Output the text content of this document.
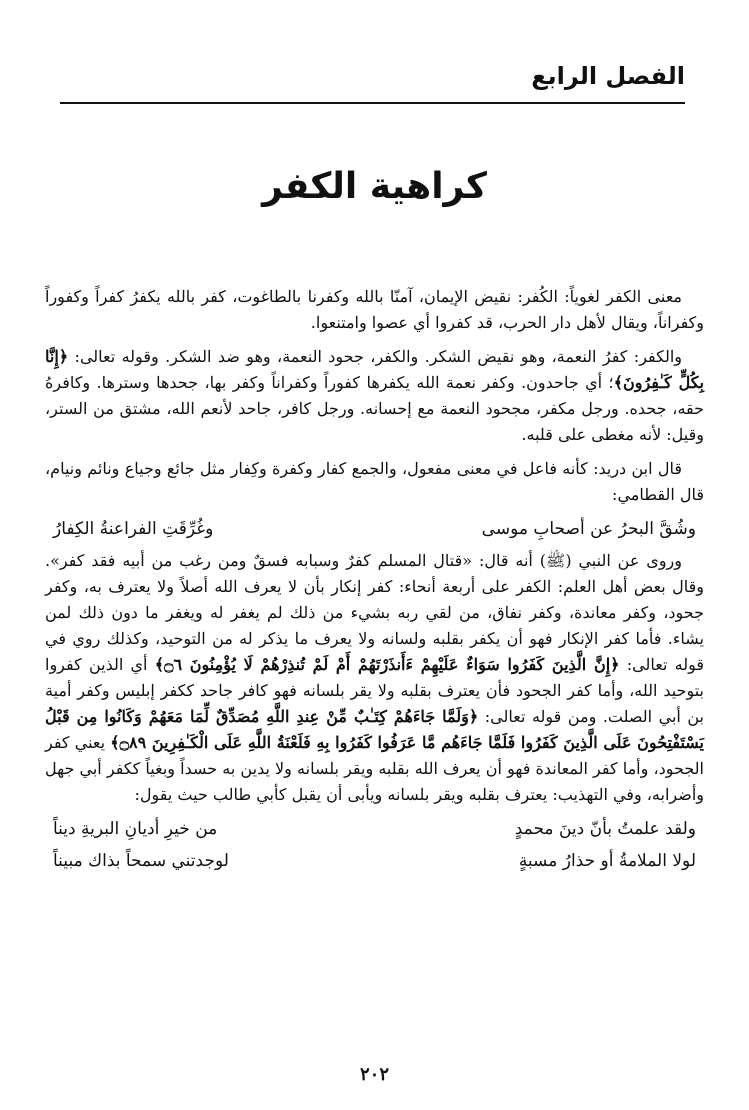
الفصل الرابع
كراهية الكفر

معنى الكفر لغوياً: الكُفر: نقيض الإيمان، آمنّا بالله وكفرنا بالطاغوت، كفر بالله يكفرُ كفراً وكفوراً وكفراناً، ويقال لأهل دار الحرب، قد كفروا أي عصوا وامتنعوا.

والكفر: كفرُ النعمة، وهو نقيض الشكر. والكفر، جحود النعمة، وهو ضد الشكر. وقوله تعالى: ﴿إِنَّا بِكُلٍّ كَـٰفِرُونَ﴾؛ أي جاحدون. وكفر نعمة الله يكفرها كفوراً وكفراناً وكفر بها، جحدها وسترها. وكافرهُ حقه، جحده. ورجل مكفر، مجحود النعمة مع إحسانه. ورجل كافر، جاحد لأنعم الله، مشتق من الستر، وقيل: لأنه مغطى على قلبه.

قال ابن دريد: كأنه فاعل في معنى مفعول، والجمع كفار وكفرة وكِفار مثل جائع وجياع ونائم ونيام، قال القطامي:

وشُقَّ البحرُ عن أصحابِ موسى
وغُرِّقَتِ الفراعنةُ الكِفارُ

وروى عن النبي (ﷺ) أنه قال: «قتال المسلم كفرٌ وسبابه فسقٌ ومن رغب من أبيه فقد كفر». وقال بعض أهل العلم: الكفر على أربعة أنحاء: كفر إنكار بأن لا يعرف الله أصلاً ولا يعترف به، وكفر جحود، وكفر معاندة، وكفر نفاق، من لقي ربه بشيء من ذلك لم يغفر له ويغفر ما دون ذلك لمن يشاء. فأما كفر الإنكار فهو أن يكفر بقلبه ولسانه ولا يعرف ما يذكر له من التوحيد، وكذلك روي في قوله تعالى: ﴿إِنَّ الَّذِينَ كَفَرُوا سَوَاءٌ عَلَيْهِمْ ءَأَنذَرْتَهُمْ أَمْ لَمْ تُنذِرْهُمْ لَا يُؤْمِنُونَ ۝٦﴾ أي الذين كفروا بتوحيد الله، وأما كفر الجحود فأن يعترف بقلبه ولا يقر بلسانه فهو كافر جاحد ككفر إبليس وكفر أمية بن أبي الصلت. ومن قوله تعالى: ﴿وَلَمَّا جَاءَهُمْ كِتَـٰبٌ مِّنْ عِندِ اللَّهِ مُصَدِّقٌ لِّمَا مَعَهُمْ وَكَانُوا مِن قَبْلُ يَسْتَفْتِحُونَ عَلَى الَّذِينَ كَفَرُوا فَلَمَّا جَاءَهُم مَّا عَرَفُوا كَفَرُوا بِهِ فَلَعْنَةُ اللَّهِ عَلَى الْكَـٰفِرِينَ ۝٨٩﴾ يعني كفر الجحود، وأما كفر المعاندة فهو أن يعرف الله بقلبه ويقر بلسانه ولا يدين به حسداً وبغياً ككفر أبي جهل وأضرابه، وفي التهذيب: يعترف بقلبه ويقر بلسانه ويأبى أن يقبل كأبي طالب حيث يقول:

ولقد علمتُ بأنّ دينَ محمدٍ
من خيرِ أديانِ البريةِ ديناً
لولا الملامةُ أو حذارُ مسبةٍ
لوجدتني سمحاً بذاك مبيناً
٢٠٢
